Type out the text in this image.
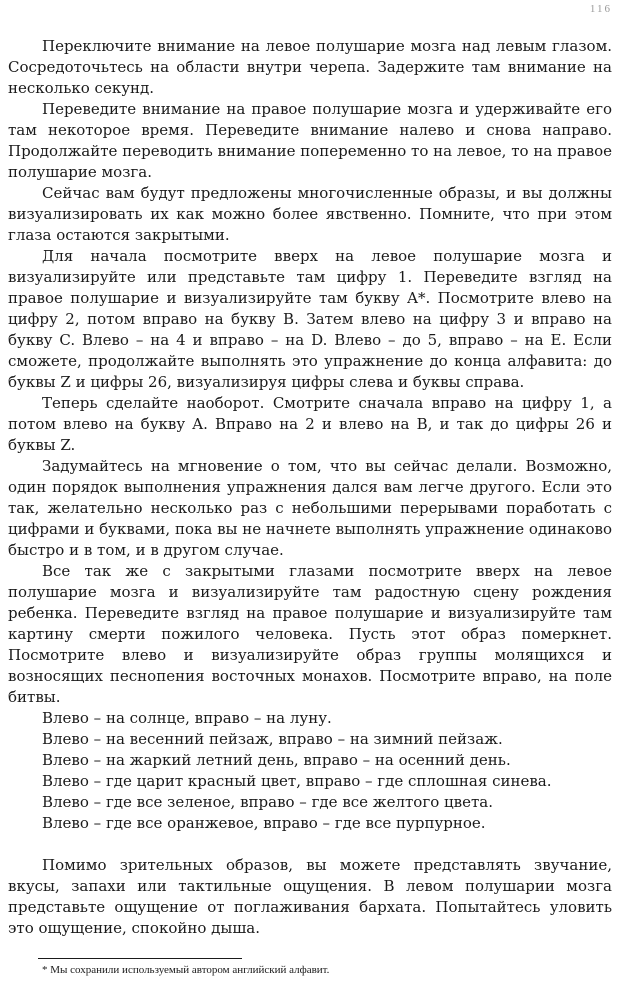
116

Переключите внимание на левое полушарие мозга над левым глазом. Сосредоточьтесь на области внутри черепа. Задержите там внимание на несколько секунд.

Переведите внимание на правое полушарие мозга и удерживайте его там некоторое время. Переведите внимание налево и снова направо. Продолжайте переводить внимание попеременно то на левое, то на правое полушарие мозга.

Сейчас вам будут предложены многочисленные образы, и вы должны визуализировать их как можно более явственно. Помните, что при этом глаза остаются закрытыми.

Для начала посмотрите вверх на левое полушарие мозга и визуализируйте или представьте там цифру 1. Переведите взгляд на правое полушарие и визуализируйте там букву A*. Посмотрите влево на цифру 2, потом вправо на букву B. Затем влево на цифру 3 и вправо на букву C. Влево – на 4 и вправо – на D. Влево – до 5, вправо – на E. Если сможете, продолжайте выполнять это упражнение до конца алфавита: до буквы Z и цифры 26, визуализируя цифры слева и буквы справа.

Теперь сделайте наоборот. Смотрите сначала вправо на цифру 1, а потом влево на букву A. Вправо на 2 и влево на B, и так до цифры 26 и буквы Z.

Задумайтесь на мгновение о том, что вы сейчас делали. Возможно, один порядок выполнения упражнения дался вам легче другого. Если это так, желательно несколько раз с небольшими перерывами поработать с цифрами и буквами, пока вы не начнете выполнять упражнение одинаково быстро и в том, и в другом случае.

Все так же с закрытыми глазами посмотрите вверх на левое полушарие мозга и визуализируйте там радостную сцену рождения ребенка. Переведите взгляд на правое полушарие и визуализируйте там картину смерти пожилого человека. Пусть этот образ померкнет. Посмотрите влево и визуализируйте образ группы молящихся и возносящих песнопения восточных монахов. Посмотрите вправо, на поле битвы.

Влево – на солнце, вправо – на луну.
Влево – на весенний пейзаж, вправо – на зимний пейзаж.
Влево – на жаркий летний день, вправо – на осенний день.
Влево – где царит красный цвет, вправо – где сплошная синева.
Влево – где все зеленое, вправо – где все желтого цвета.
Влево – где все оранжевое, вправо – где все пурпурное.

Помимо зрительных образов, вы можете представлять звучание, вкусы, запахи или тактильные ощущения. В левом полушарии мозга представьте ощущение от поглаживания бархата. Попытайтесь уловить это ощущение, спокойно дыша.

* Мы сохранили используемый автором английский алфавит.
